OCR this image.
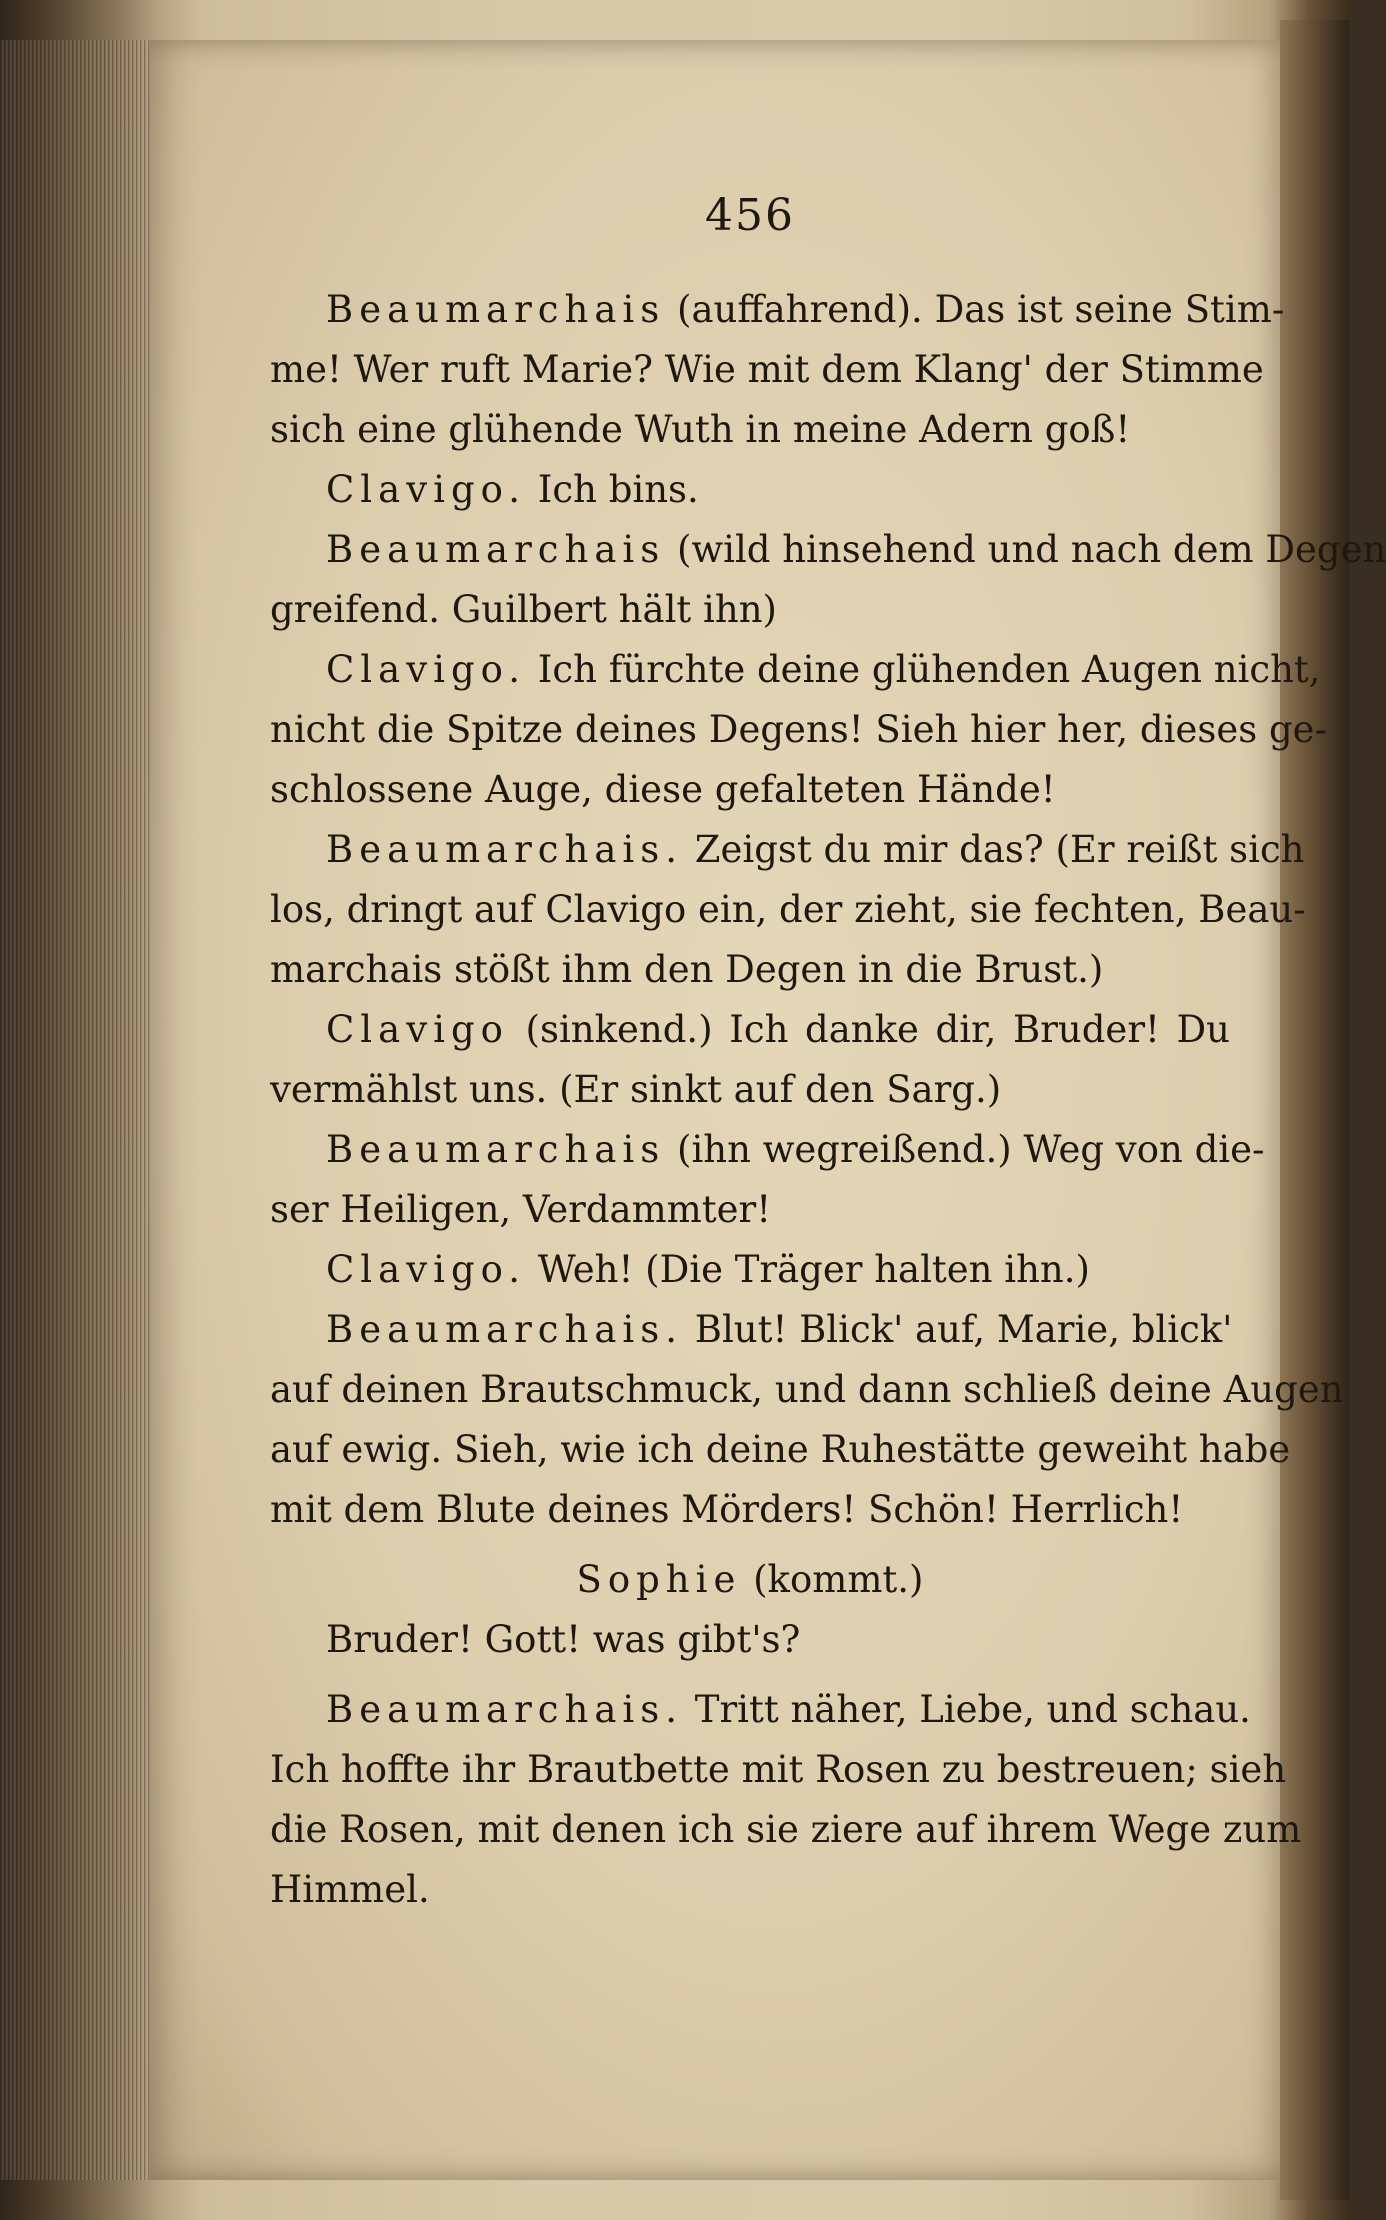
456
Beaumarchais (auffahrend). Das ist seine Stim-
me! Wer ruft Marie? Wie mit dem Klang' der Stimme
sich eine glühende Wuth in meine Adern goß!
Clavigo. Ich bins.
Beaumarchais (wild hinsehend und nach dem Degen
greifend. Guilbert hält ihn)
Clavigo. Ich fürchte deine glühenden Augen nicht,
nicht die Spitze deines Degens! Sieh hier her, dieses ge-
schlossene Auge, diese gefalteten Hände!
Beaumarchais. Zeigst du mir das? (Er reißt sich
los, dringt auf Clavigo ein, der zieht, sie fechten, Beau-
marchais stößt ihm den Degen in die Brust.)
Clavigo (sinkend.) Ich danke dir, Bruder! Du
vermählst uns. (Er sinkt auf den Sarg.)
Beaumarchais (ihn wegreißend.) Weg von die-
ser Heiligen, Verdammter!
Clavigo. Weh! (Die Träger halten ihn.)
Beaumarchais. Blut! Blick' auf, Marie, blick'
auf deinen Brautschmuck, und dann schließ deine Augen
auf ewig. Sieh, wie ich deine Ruhestätte geweiht habe
mit dem Blute deines Mörders! Schön! Herrlich!
Sophie (kommt.)
Bruder! Gott! was gibt's?
Beaumarchais. Tritt näher, Liebe, und schau.
Ich hoffte ihr Brautbette mit Rosen zu bestreuen; sieh
die Rosen, mit denen ich sie ziere auf ihrem Wege zum
Himmel.
